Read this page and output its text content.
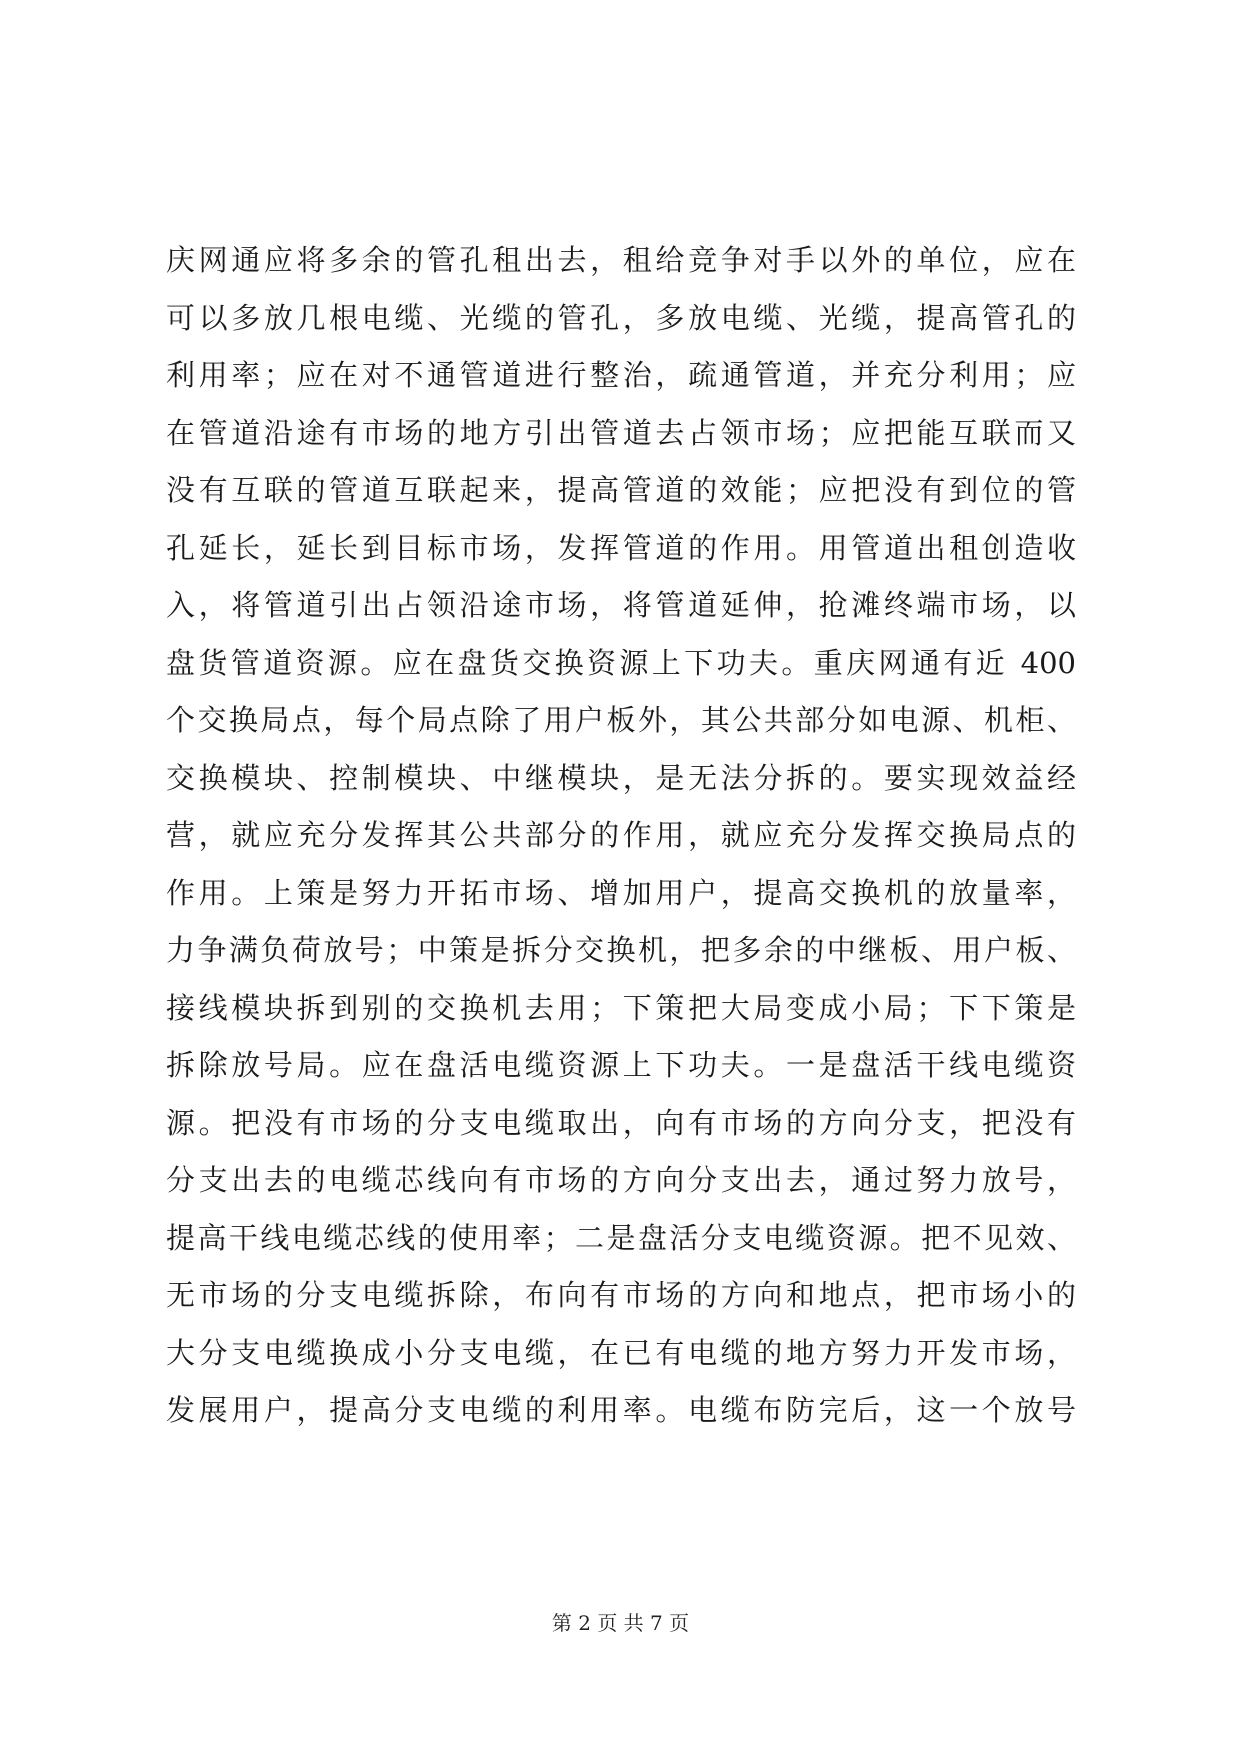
庆网通应将多余的管孔租出去，租给竞争对手以外的单位，应在
可以多放几根电缆、光缆的管孔，多放电缆、光缆，提高管孔的
利用率；应在对不通管道进行整治，疏通管道，并充分利用；应
在管道沿途有市场的地方引出管道去占领市场；应把能互联而又
没有互联的管道互联起来，提高管道的效能；应把没有到位的管
孔延长，延长到目标市场，发挥管道的作用。用管道出租创造收
入，将管道引出占领沿途市场，将管道延伸，抢滩终端市场，以
盘货管道资源。应在盘货交换资源上下功夫。重庆网通有近 400
个交换局点，每个局点除了用户板外，其公共部分如电源、机柜、
交换模块、控制模块、中继模块，是无法分拆的。要实现效益经
营，就应充分发挥其公共部分的作用，就应充分发挥交换局点的
作用。上策是努力开拓市场、增加用户，提高交换机的放量率，
力争满负荷放号；中策是拆分交换机，把多余的中继板、用户板、
接线模块拆到别的交换机去用；下策把大局变成小局；下下策是
拆除放号局。应在盘活电缆资源上下功夫。一是盘活干线电缆资
源。把没有市场的分支电缆取出，向有市场的方向分支，把没有
分支出去的电缆芯线向有市场的方向分支出去，通过努力放号，
提高干线电缆芯线的使用率；二是盘活分支电缆资源。把不见效、
无市场的分支电缆拆除，布向有市场的方向和地点，把市场小的
大分支电缆换成小分支电缆，在已有电缆的地方努力开发市场，
发展用户，提高分支电缆的利用率。电缆布防完后，这一个放号
第 2 页 共 7 页
